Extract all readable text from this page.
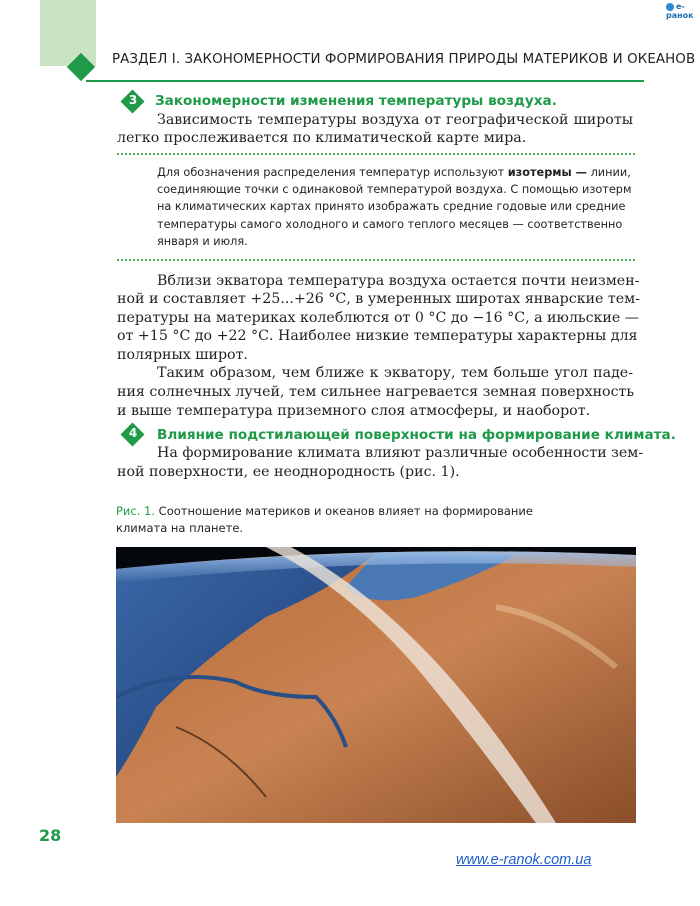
РАЗДЕЛ I. ЗАКОНОМЕРНОСТИ ФОРМИРОВАНИЯ ПРИРОДЫ МАТЕРИКОВ И ОКЕАНОВ
e-ранок
3	Закономерности изменения температуры воздуха.
Зависимость температуры воздуха от географической широты
легко прослеживается по климатической карте мира.
Для обозначения распределения температур используют изотермы — линии,
соединяющие точки с одинаковой температурой воздуха. С помощью изотерм
на климатических картах принято изображать средние годовые или средние
температуры самого холодного и самого теплого месяцев — соответственно
января и июля.
Вблизи экватора температура воздуха остается почти неизмен-
ной и составляет +25...+26 °С, в умеренных широтах январские тем-
пературы на материках колеблются от 0 °С до −16 °С, а июльские —
от +15 °С до +22 °С. Наиболее низкие температуры характерны для
полярных широт.
Таким образом, чем ближе к экватору, тем больше угол паде-
ния солнечных лучей, тем сильнее нагревается земная поверхность
и выше температура приземного слоя атмосферы, и наоборот.
4	Влияние подстилающей поверхности на формирование климата.
На формирование климата влияют различные особенности зем-
ной поверхности, ее неоднородность (рис. 1).
Рис. 1. Соотношение материков и океанов влияет на формирование
климата на планете.
28
www.e-ranok.com.ua
